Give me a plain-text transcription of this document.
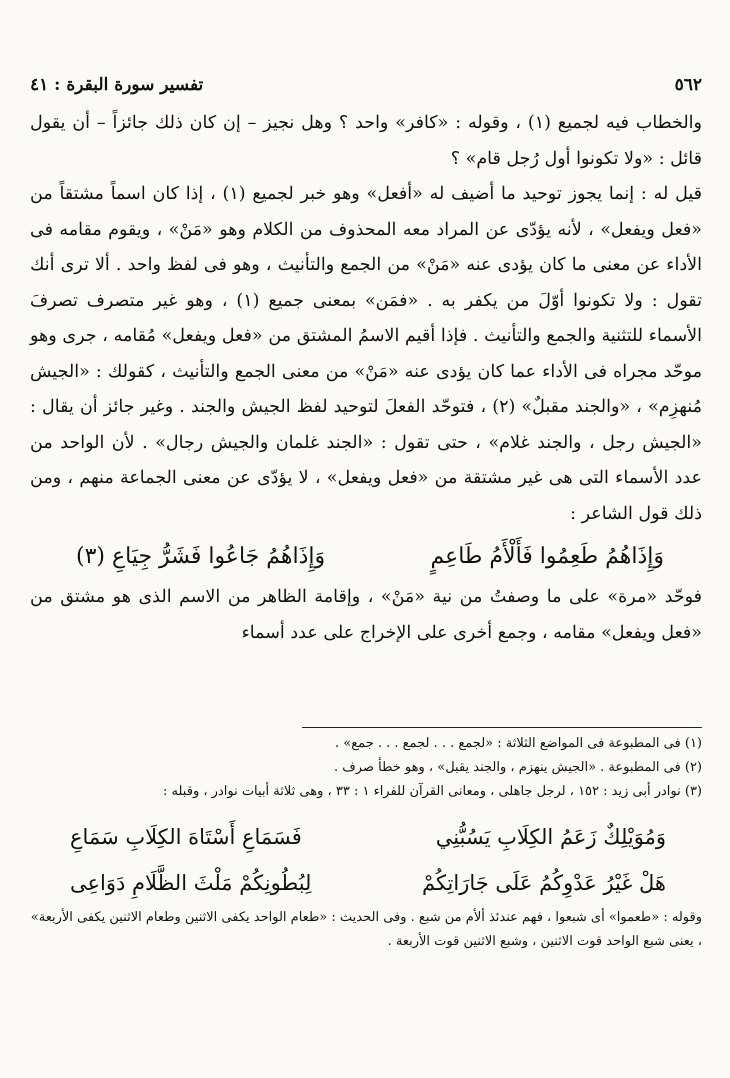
٥٦٢
تفسير سورة البقرة : ٤١

والخطاب فيه لجميع (١) ، وقوله : «كافر» واحد ؟ وهل نجيز – إن كان ذلك جائزاً – أن يقول قائل : «ولا تكونوا أول رُجل قام» ؟

قيل له : إنما يجوز توحيد ما أضيف له «أفعل» وهو خبر لجميع (١) ، إذا كان اسماً مشتقاً من «فعل ويفعل» ، لأنه يؤدّى عن المراد معه المحذوف من الكلام وهو «مَنْ» ، ويقوم مقامه فى الأداء عن معنى ما كان يؤدى عنه «مَنْ» من الجمع والتأنيث ، وهو فى لفظ واحد . ألا ترى أنك تقول : ولا تكونوا أوّلَ من يكفر به . «فمَن» بمعنى جميع (١) ، وهو غير متصرف تصرفَ الأسماء للتثنية والجمع والتأنيث . فإذا أقيم الاسمُ المشتق من «فعل ويفعل» مُقامه ، جرى وهو موحّد مجراه فى الأداء عما كان يؤدى عنه «مَنْ» من معنى الجمع والتأنيث ، كقولك : «الجيش مُنهزِم» ، «والجند مقبلٌ» (٢) ، فتوحّد الفعلَ لتوحيد لفظ الجيش والجند . وغير جائز أن يقال : «الجيش رجل ، والجند غلام» ، حتى تقول : «الجند غلمان والجيش رجال» . لأن الواحد من عدد الأسماء التى هى غير مشتقة من «فعل ويفعل» ، لا يؤدّى عن معنى الجماعة منهم ، ومن ذلك قول الشاعر :

وَإِذَاهُمُ طَعِمُوا فَأَلْأَمُ طَاعِمٍ
وَإِذَاهُمُ جَاعُوا فَشَرُّ جِيَاعِ (٣)

فوحّد «مرة» على ما وصفتُ من نية «مَنْ» ، وإقامة الظاهر من الاسم الذى هو مشتق من «فعل ويفعل» مقامه ، وجمع أخرى على الإخراج على عدد أسماء

(١) فى المطبوعة فى المواضع الثلاثة : «لجمع . . . لجمع . . . جمع» .

(٢) فى المطبوعة . «الجيش ينهزم ، والجند يقبل» ، وهو خطأ صرف .

(٣) نوادر أبى زيد : ١٥٢ ، لرجل جاهلى ، ومعانى القرآن للفراء ١ : ٣٣ ، وهى ثلاثة أبيات نوادر ، وقبله :

وَمُوَيْلِكٌ زَعَمُ الكِلَابِ يَسُبُّنِي
فَسَمَاعِ أَسْتَاهَ الكِلَابِ سَمَاعِ
هَلْ غَيْرُ عَدْوِكُمُ عَلَى جَارَاتِكُمْ
لِبُطُونِكُمْ مَلْثَ الظَّلَامِ دَوَاعِى

وقوله : «طعموا» أى شبعوا ، فهم عندئذ ألأم من شبع . وفى الحديث : «طعام الواحد يكفى الاثنين وطعام الاثنين يكفى الأربعة» ، يعنى شبع الواحد قوت الاثنين ، وشبع الاثنين قوت الأربعة .
